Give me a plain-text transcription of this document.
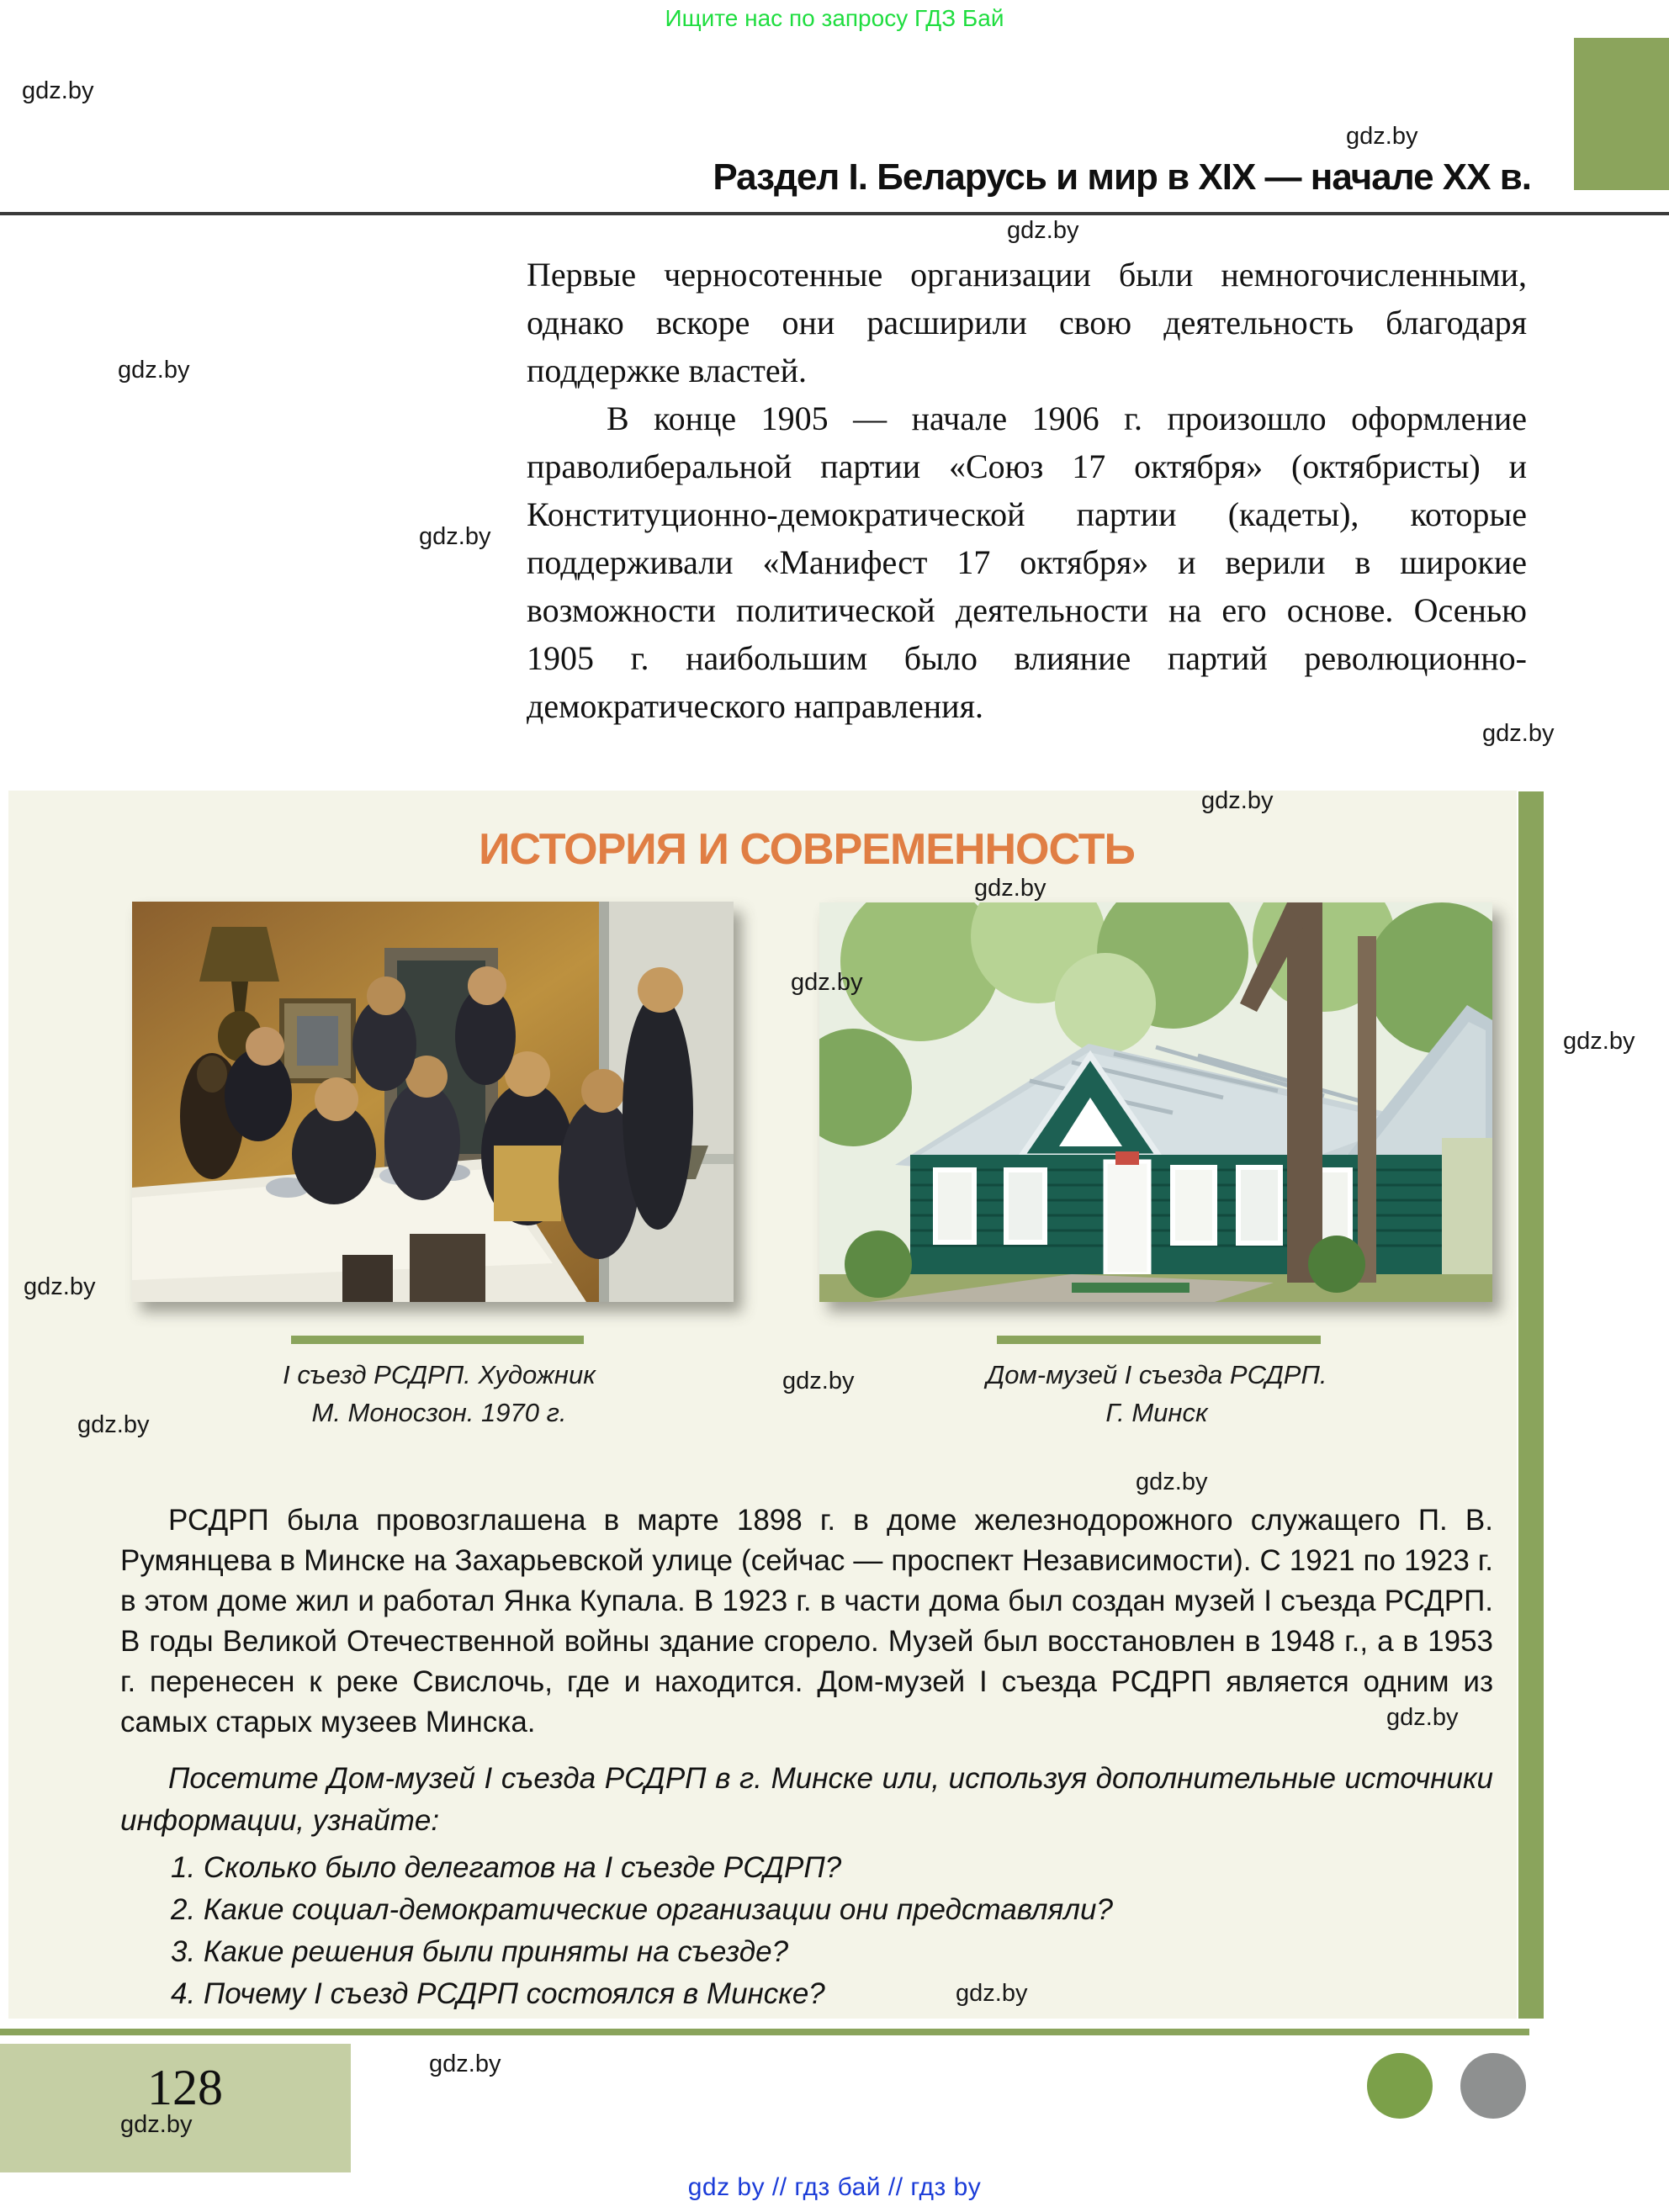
Ищите нас по запросу ГДЗ Бай
Раздел I. Беларусь и мир в XIX — начале XX в.

Первые черносотенные организации были немногочисленными, однако вскоре они расширили свою деятельность благодаря поддержке властей.

В конце 1905 — начале 1906 г. произошло оформление праволиберальной партии «Союз 17 октября» (октябристы) и Конституционно-демократической партии (кадеты), которые поддерживали «Манифест 17 октября» и верили в широкие возможности политической деятельности на его основе. Осенью 1905 г. наибольшим было влияние партий революционно-демократического направления.

ИСТОРИЯ И СОВРЕМЕННОСТЬ
I съезд РСДРП. Художник
М. Моносзон. 1970 г.
Дом-музей I съезда РСДРП.
Г. Минск

РСДРП была провозглашена в марте 1898 г. в доме железнодорожного служащего П. В. Румянцева в Минске на Захарьевской улице (сейчас — проспект Независимости). С 1921 по 1923 г. в этом доме жил и работал Янка Купала. В 1923 г. в части дома был создан музей I съезда РСДРП. В годы Великой Отечественной войны здание сгорело. Музей был восстановлен в 1948 г., а в 1953 г. перенесен к реке Свислочь, где и находится. Дом-музей I съезда РСДРП является одним из самых старых музеев Минска.

Посетите Дом-музей I съезда РСДРП в г. Минске или, используя дополнительные источники информации, узнайте:

1. Сколько было делегатов на I съезде РСДРП?

2. Какие социал-демократические организации они представляли?

3. Какие решения были приняты на съезде?

4. Почему I съезд РСДРП состоялся в Минске?

128
gdz by // гдз бай // гдз by
gdz.by
gdz.by
gdz.by
gdz.by
gdz.by
gdz.by
gdz.by
gdz.by
gdz.by
gdz.by
gdz.by
gdz.by
gdz.by
gdz.by
gdz.by
gdz.by
gdz.by
gdz.by
